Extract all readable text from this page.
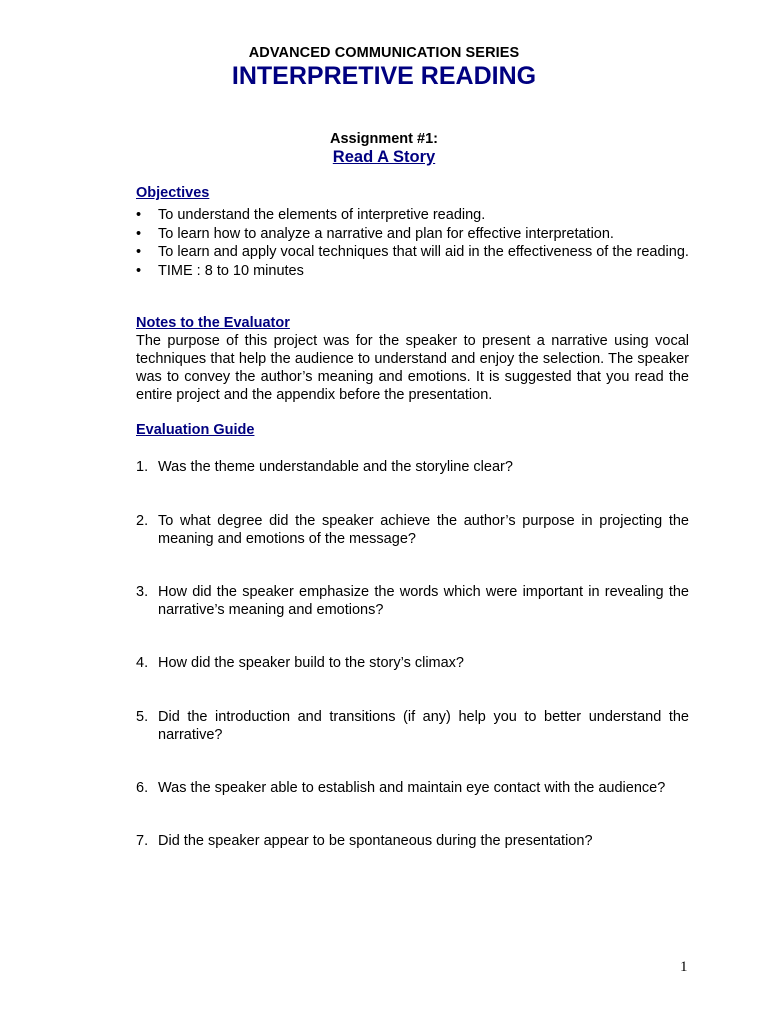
ADVANCED COMMUNICATION SERIES
INTERPRETIVE READING
Assignment #1:
Read A Story
Objectives
•	To understand the elements of interpretive reading.
•	To learn how to analyze a narrative and plan for effective interpretation.
•	To learn and apply vocal techniques that will aid in the effectiveness of the reading.
•	TIME : 8 to 10 minutes
Notes to the Evaluator
The purpose of this project was for the speaker to present a narrative using vocal techniques that help the audience to understand and enjoy the selection. The speaker was to convey the author’s meaning and emotions. It is suggested that you read the entire project and the appendix before the presentation.
Evaluation Guide
1. Was the theme understandable and the storyline clear?
2. To what degree did the speaker achieve the author’s purpose in projecting the meaning and emotions of the message?
3. How did the speaker emphasize the words which were important in revealing the narrative’s meaning and emotions?
4. How did the speaker build to the story’s climax?
5. Did the introduction and transitions (if any) help you to better understand the narrative?
6. Was the speaker able to establish and maintain eye contact with the audience?
7. Did the speaker appear to be spontaneous during the presentation?
1
